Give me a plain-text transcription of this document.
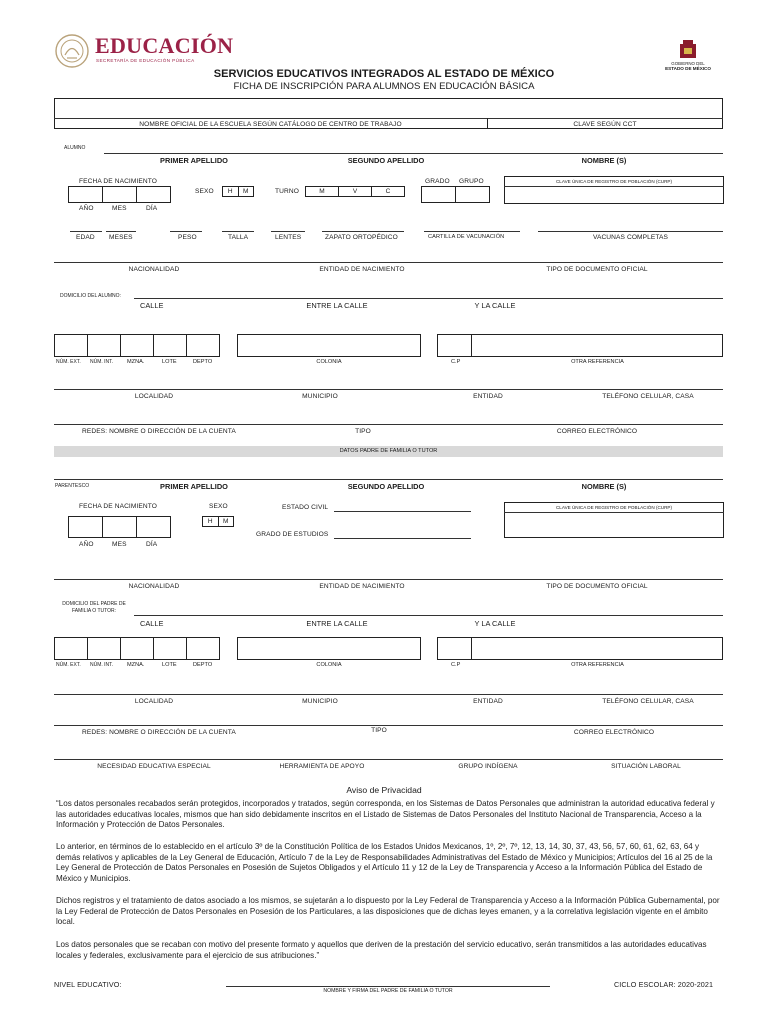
EDUCACIÓN
SECRETARÍA DE EDUCACIÓN PÚBLICA
GOBIERNO DEL
ESTADO DE MÉXICO
SERVICIOS EDUCATIVOS INTEGRADOS AL ESTADO DE MÉXICO
FICHA DE INSCRIPCIÓN PARA ALUMNOS EN EDUCACIÓN BÁSICA
NOMBRE OFICIAL DE LA ESCUELA SEGÚN CATÁLOGO DE CENTRO DE TRABAJO	CLAVE SEGÚN CCT
ALUMNO
PRIMER APELLIDO	SEGUNDO APELLIDO	NOMBRE (S)
FECHA DE NACIMIENTO
AÑO	MES	DÍA
SEXO	H	M	TURNO	M	V	C
GRADO GRUPO	CLAVE ÚNICA DE REGISTRO DE POBLACIÓN (CURP)
EDAD MESES	PESO	TALLA	LENTES	ZAPATO ORTOPÉDICO	CARTILLA DE VACUNACIÓN	VACUNAS COMPLETAS
NACIONALIDAD	ENTIDAD DE NACIMIENTO	TIPO DE DOCUMENTO OFICIAL
DOMICILIO DEL ALUMNO:
CALLE	ENTRE LA CALLE	Y LA CALLE
NÚM. EXT. NÚM. INT. MZNA.	LOTE	DEPTO	COLONIA	C.P	OTRA REFERENCIA
LOCALIDAD	MUNICIPIO	ENTIDAD	TELÉFONO CELULAR, CASA
REDES: NOMBRE O DIRECCIÓN DE LA CUENTA	TIPO	CORREO ELECTRÓNICO
DATOS PADRE DE FAMILIA O TUTOR
PARENTESCO	PRIMER APELLIDO	SEGUNDO APELLIDO	NOMBRE (S)
FECHA DE NACIMIENTO
AÑO	MES	DÍA
SEXO
H	M
ESTADO CIVIL
GRADO DE ESTUDIOS
CLAVE ÚNICA DE REGISTRO DE POBLACIÓN (CURP)
NACIONALIDAD	ENTIDAD DE NACIMIENTO	TIPO DE DOCUMENTO OFICIAL
DOMICILIO DEL PADRE DE
FAMILIA O TUTOR:
CALLE	ENTRE LA CALLE	Y LA CALLE
NÚM. EXT. NÚM. INT. MZNA.	LOTE	DEPTO	COLONIA	C.P	OTRA REFERENCIA
LOCALIDAD	MUNICIPIO	ENTIDAD	TELÉFONO CELULAR, CASA
REDES: NOMBRE O DIRECCIÓN DE LA CUENTA	TIPO	CORREO ELECTRÓNICO
NECESIDAD EDUCATIVA ESPECIAL	HERRAMIENTA DE APOYO	GRUPO INDÍGENA	SITUACIÓN LABORAL
Aviso de Privacidad
“Los datos personales recabados serán protegidos, incorporados y tratados, según corresponda, en los Sistemas de Datos Personales que administran la autoridad educativa federal y las autoridades educativas locales, mismos que han sido debidamente inscritos en el Listado de Sistemas de Datos Personales del Instituto Nacional de Transparencia, Acceso a la Información y Protección de Datos Personales.
Lo anterior, en términos de lo establecido en el artículo 3º de la Constitución Política de los Estados Unidos Mexicanos, 1º, 2º, 7º, 12, 13, 14, 30, 37, 43, 56, 57, 60, 61, 62, 63, 64 y demás relativos y aplicables de la Ley General de Educación, Artículo 7 de la Ley de Responsabilidades Administrativas del Estado de México y Municipios; Artículos del 16 al 25 de la Ley General de Protección de Datos Personales en Posesión de Sujetos Obligados y el Artículo 11 y 12 de la Ley de Transparencia y Acceso a la Información Pública del Estado de México y Municipios.
Dichos registros y el tratamiento de datos asociado a los mismos, se sujetarán a lo dispuesto por la Ley Federal de Transparencia y Acceso a la Información Pública Gubernamental, por la Ley Federal de Protección de Datos Personales en Posesión de los Particulares, a las disposiciones que de dichas leyes emanen, y a la correlativa legislación vigente en el ámbito local.
Los datos personales que se recaban con motivo del presente formato y aquellos que deriven de la prestación del servicio educativo, serán transmitidos a las autoridades educativas locales y federales, exclusivamente para el ejercicio de sus atribuciones.”
NIVEL EDUCATIVO:
NOMBRE Y FIRMA DEL PADRE DE FAMILIA O TUTOR
CICLO ESCOLAR: 2020-2021
